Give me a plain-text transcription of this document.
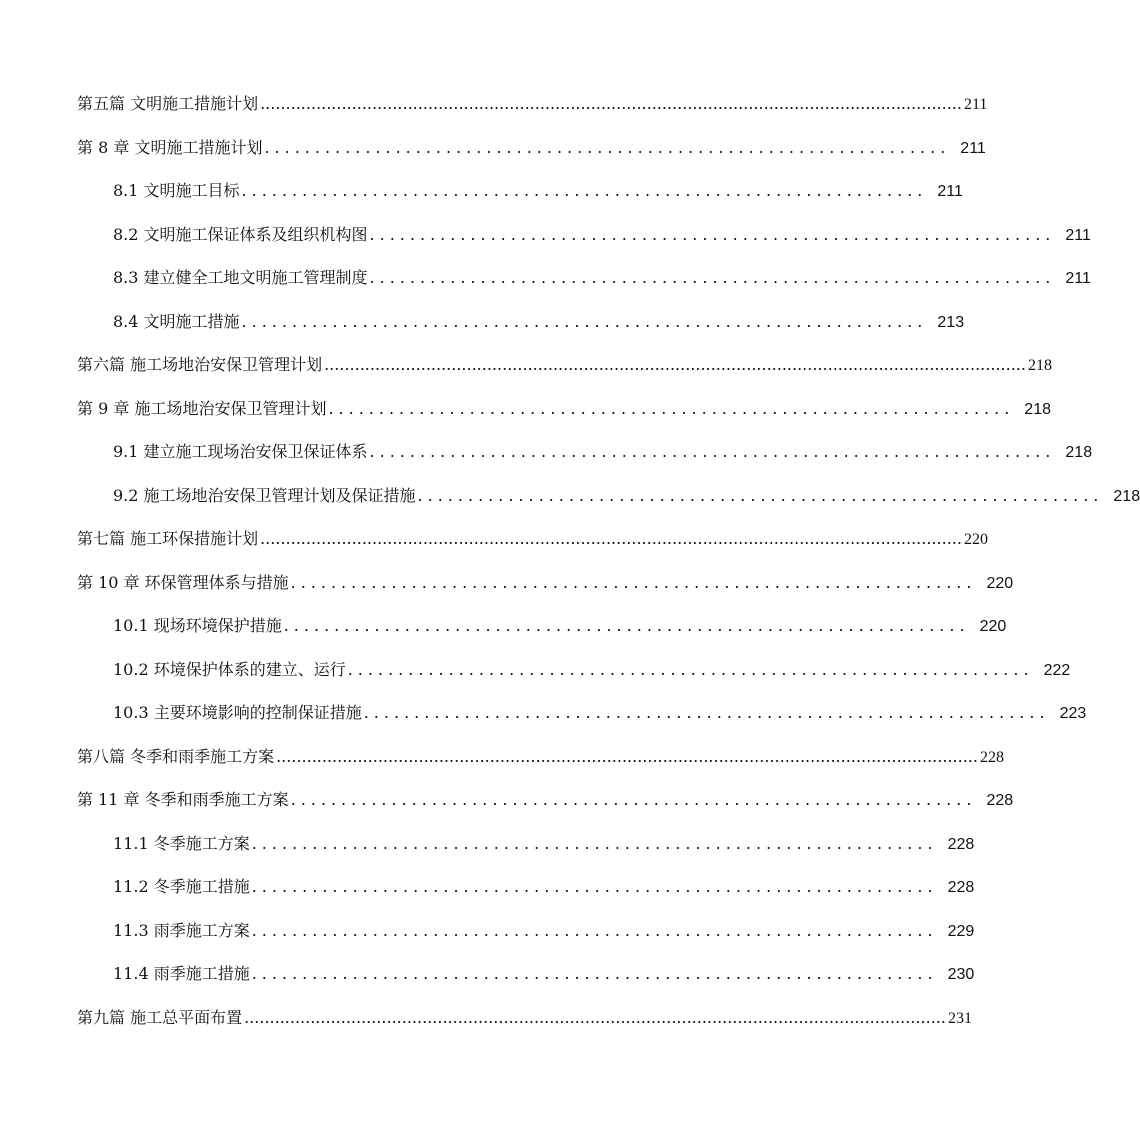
第五篇 文明施工措施计划 .......................................................................................................................................... 211
第 8 章 文明施工措施计划 .................................................................... 211
8.1 文明施工目标 .................................................................... 211
8.2 文明施工保证体系及组织机构图 .................................................................... 211
8.3 建立健全工地文明施工管理制度 .................................................................... 211
8.4 文明施工措施 .................................................................... 213
第六篇 施工场地治安保卫管理计划 .......................................................................................................................................... 218
第 9 章 施工场地治安保卫管理计划 .................................................................... 218
9.1 建立施工现场治安保卫保证体系 .................................................................... 218
9.2 施工场地治安保卫管理计划及保证措施 .................................................................... 218
第七篇 施工环保措施计划 .......................................................................................................................................... 220
第 10 章 环保管理体系与措施 .................................................................... 220
10.1 现场环境保护措施 .................................................................... 220
10.2 环境保护体系的建立、运行 .................................................................... 222
10.3 主要环境影响的控制保证措施 .................................................................... 223
第八篇 冬季和雨季施工方案 .......................................................................................................................................... 228
第 11 章 冬季和雨季施工方案 .................................................................... 228
11.1 冬季施工方案 .................................................................... 228
11.2 冬季施工措施 .................................................................... 228
11.3 雨季施工方案 .................................................................... 229
11.4 雨季施工措施 .................................................................... 230
第九篇 施工总平面布置 .......................................................................................................................................... 231
